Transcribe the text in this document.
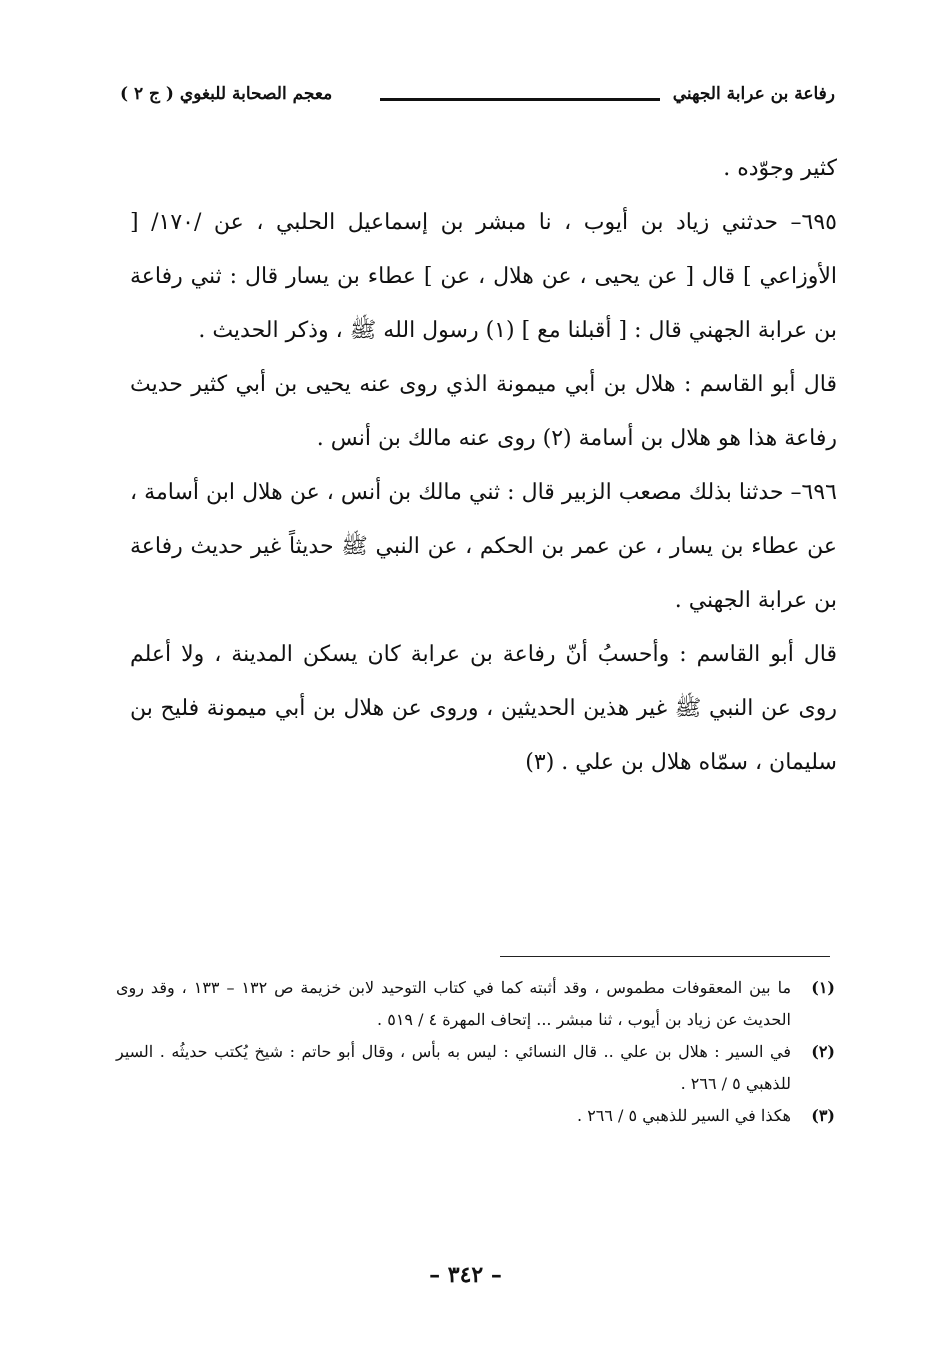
رفاعة بن عرابة الجهني
معجم الصحابة للبغوي ( ج ٢ )

كثير وجوّده .

٦٩٥– حدثني زياد بن أيوب ، نا مبشر بن إسماعيل الحلبي ، عن /١٧٠/ [ الأوزاعي ] قال [ عن يحيى ، عن هلال ، عن ] عطاء بن يسار قال : ثني رفاعة بن عرابة الجهني قال : [ أقبلنا مع ] (١) رسول الله ﷺ ، وذكر الحديث .

قال أبو القاسم : هلال بن أبي ميمونة الذي روى عنه يحيى بن أبي كثير حديث رفاعة هذا هو هلال بن أسامة (٢) روى عنه مالك بن أنس .

٦٩٦– حدثنا بذلك مصعب الزبير قال : ثني مالك بن أنس ، عن هلال ابن أسامة ، عن عطاء بن يسار ، عن عمر بن الحكم ، عن النبي ﷺ حديثاً غير حديث رفاعة بن عرابة الجهني .

قال أبو القاسم : وأحسبُ أنّ رفاعة بن عرابة كان يسكن المدينة ، ولا أعلم روى عن النبي ﷺ غير هذين الحديثين ، وروى عن هلال بن أبي ميمونة فليح بن سليمان ، سمّاه هلال بن علي . (٣)

(١)
ما بين المعقوفات مطموس ، وقد أثبته كما في كتاب التوحيد لابن خزيمة ص ١٣٢ – ١٣٣ ، وقد روى الحديث عن زياد بن أيوب ، ثنا مبشر ... إتحاف المهرة ٤ / ٥١٩ .
(٢)
في السير : هلال بن علي .. قال النسائي : ليس به بأس ، وقال أبو حاتم : شيخ يُكتب حديثُه . السير للذهبي ٥ / ٢٦٦ .
(٣)
هكذا في السير للذهبي ٥ / ٢٦٦ .
– ٣٤٢ –
